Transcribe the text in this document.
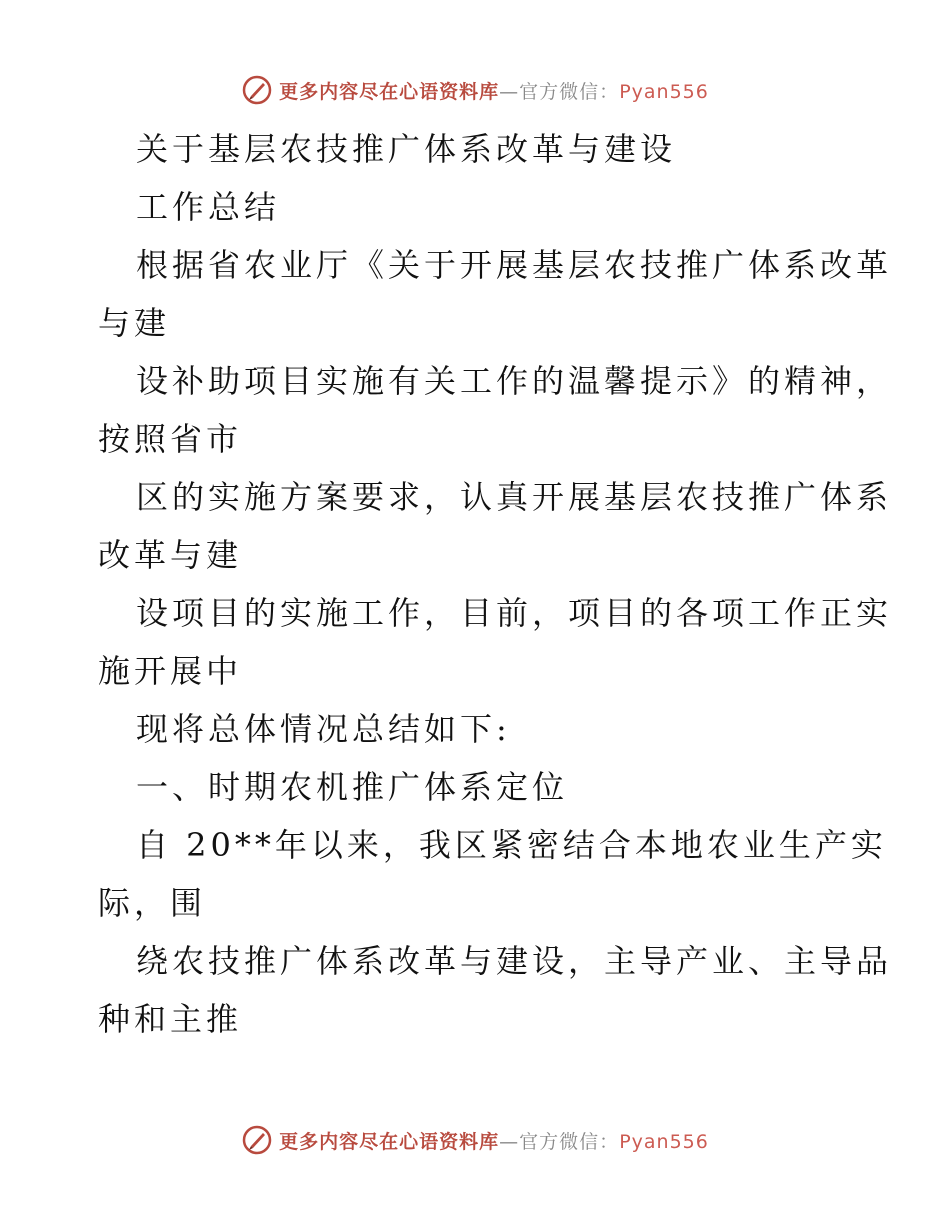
更多内容尽在心语资料库—官方微信：Pyan556

关于基层农技推广体系改革与建设

工作总结

根据省农业厅《关于开展基层农技推广体系改革

与建

设补助项目实施有关工作的温馨提示》的精神，

按照省市

区的实施方案要求，认真开展基层农技推广体系

改革与建

设项目的实施工作，目前，项目的各项工作正实

施开展中

现将总体情况总结如下:

一、时期农机推广体系定位

自 20**年以来，我区紧密结合本地农业生产实

际，围

绕农技推广体系改革与建设，主导产业、主导品

种和主推

更多内容尽在心语资料库—官方微信：Pyan556
